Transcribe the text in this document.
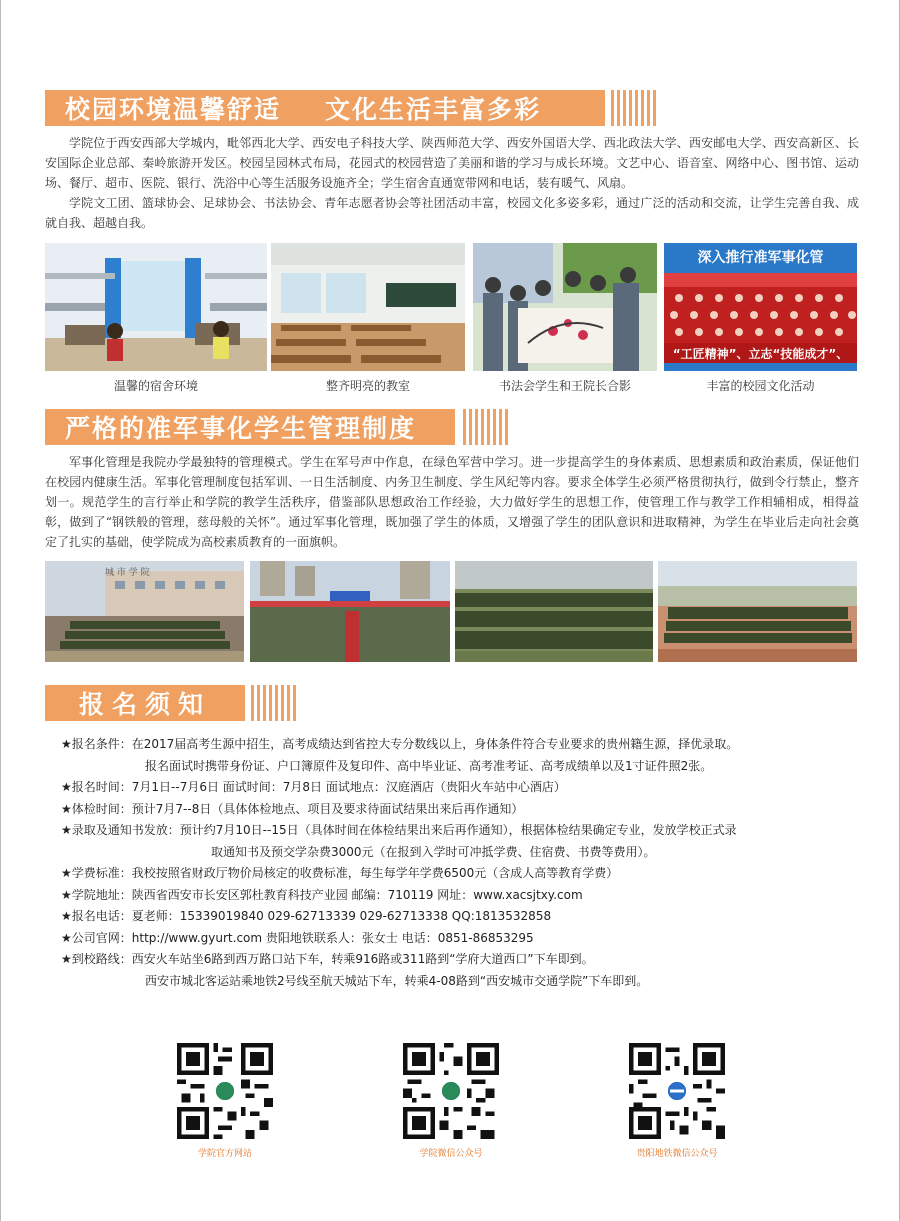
校园环境温馨舒适 文化生活丰富多彩

学院位于西安西部大学城内，毗邻西北大学、西安电子科技大学、陕西师范大学、西安外国语大学、西北政法大学、西安邮电大学、西安高新区、长安国际企业总部、秦岭旅游开发区。校园呈园林式布局，花园式的校园营造了美丽和谐的学习与成长环境。文艺中心、语音室、网络中心、图书馆、运动场、餐厅、超市、医院、银行、洗浴中心等生活服务设施齐全；学生宿舍直通宽带网和电话，装有暖气、风扇。

学院文工团、篮球协会、足球协会、书法协会、青年志愿者协会等社团活动丰富，校园文化多姿多彩，通过广泛的活动和交流，让学生完善自我、成就自我、超越自我。

深入推行准军事化管
“工匠精神”、立志“技能成才”、
温馨的宿舍环境	整齐明亮的教室	书法会学生和王院长合影	丰富的校园文化活动
严格的准军事化学生管理制度

军事化管理是我院办学最独特的管理模式。学生在军号声中作息，在绿色军营中学习。进一步提高学生的身体素质、思想素质和政治素质，保证他们在校园内健康生活。军事化管理制度包括军训、一日生活制度、内务卫生制度、学生风纪等内容。要求全体学生必须严格贯彻执行，做到令行禁止，整齐划一。规范学生的言行举止和学院的教学生活秩序，借鉴部队思想政治工作经验，大力做好学生的思想工作，使管理工作与教学工作相辅相成，相得益彰，做到了“钢铁般的管理，慈母般的关怀”。通过军事化管理，既加强了学生的体质，又增强了学生的团队意识和进取精神，为学生在毕业后走向社会奠定了扎实的基础，使学院成为高校素质教育的一面旗帜。

城 市 学 院
报名须知
★报名条件：在2017届高考生源中招生，高考成绩达到省控大专分数线以上，身体条件符合专业要求的贵州籍生源，择优录取。
报名面试时携带身份证、户口簿原件及复印件、高中毕业证、高考准考证、高考成绩单以及1寸证件照2张。
★报名时间：7月1日--7月6日 面试时间：7月8日 面试地点：汉庭酒店（贵阳火车站中心酒店）
★体检时间：预计7月7--8日（具体体检地点、项目及要求待面试结果出来后再作通知）
★录取及通知书发放：预计约7月10日--15日（具体时间在体检结果出来后再作通知），根据体检结果确定专业，发放学校正式录
取通知书及预交学杂费3000元（在报到入学时可冲抵学费、住宿费、书费等费用）。
★学费标准：我校按照省财政厅物价局核定的收费标准，每生每学年学费6500元（含成人高等教育学费）
★学院地址：陕西省西安市长安区郭杜教育科技产业园 邮编：710119 网址：www.xacsjtxy.com
★报名电话：夏老师：15339019840 029-62713339 029-62713338 QQ:1813532858
★公司官网：http://www.gyurt.com 贵阳地铁联系人：张女士 电话：0851-86853295
★到校路线：西安火车站坐6路到西万路口站下车，转乘916路或311路到“学府大道西口”下车即到。
西安市城北客运站乘地铁2号线至航天城站下车，转乘4-08路到“西安城市交通学院”下车即到。
学院官方网站	学院微信公众号	贵阳地铁微信公众号
